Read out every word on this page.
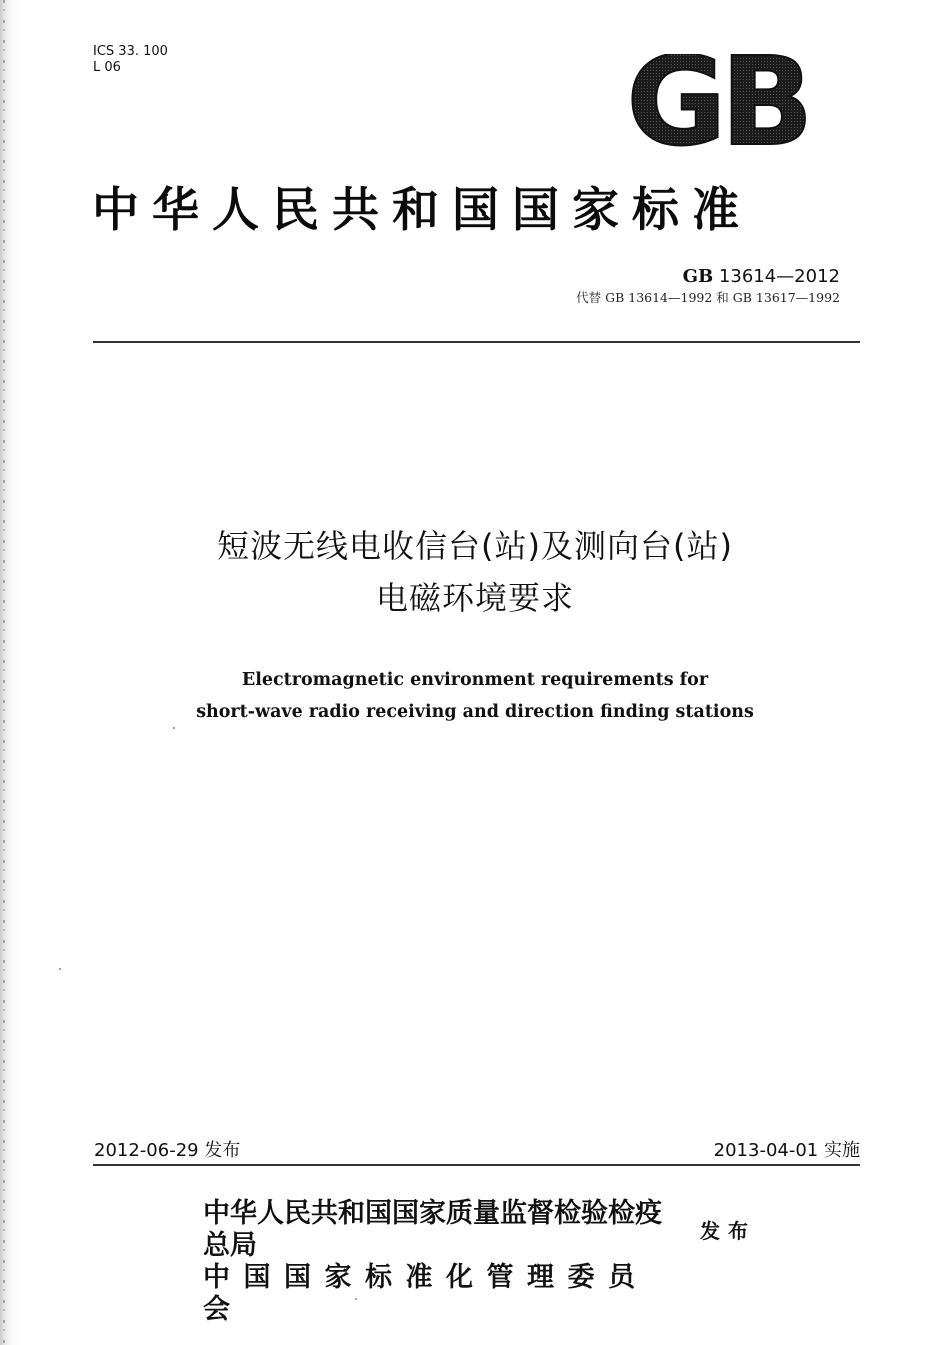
ICS 33. 100
L 06	GB
中华人民共和国国家标准
GB 13614—2012
代替 GB 13614—1992 和 GB 13617—1992
短波无线电收信台(站)及测向台(站)
电磁环境要求
Electromagnetic environment requirements for
short-wave radio receiving and direction finding stations
2012-06-29 发布	2013-04-01 实施
中华人民共和国国家质量监督检验检疫总局
中国国家标准化管理委员会
发布
